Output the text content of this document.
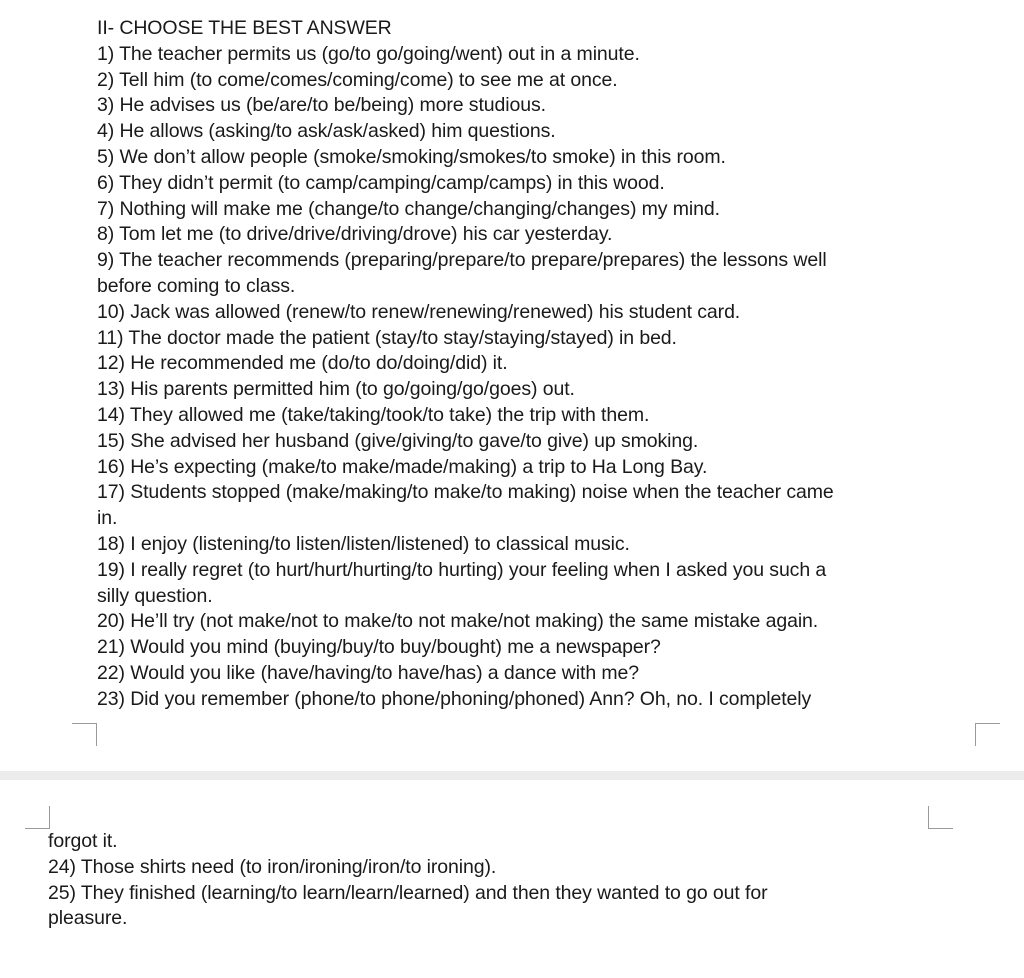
II- CHOOSE THE BEST ANSWER
1) The teacher permits us (go/to go/going/went) out in a minute.
2) Tell him (to come/comes/coming/come) to see me at once.
3) He advises us (be/are/to be/being) more studious.
4) He allows (asking/to ask/ask/asked) him questions.
5) We don’t allow people (smoke/smoking/smokes/to smoke) in this room.
6) They didn’t permit (to camp/camping/camp/camps) in this wood.
7) Nothing will make me (change/to change/changing/changes) my mind.
8) Tom let me (to drive/drive/driving/drove) his car yesterday.
9) The teacher recommends (preparing/prepare/to prepare/prepares) the lessons well
before coming to class.
10) Jack was allowed (renew/to renew/renewing/renewed) his student card.
11) The doctor made the patient (stay/to stay/staying/stayed) in bed.
12) He recommended me (do/to do/doing/did) it.
13) His parents permitted him (to go/going/go/goes) out.
14) They allowed me (take/taking/took/to take) the trip with them.
15) She advised her husband (give/giving/to gave/to give) up smoking.
16) He’s expecting (make/to make/made/making) a trip to Ha Long Bay.
17) Students stopped (make/making/to make/to making) noise when the teacher came
in.
18) I enjoy (listening/to listen/listen/listened) to classical music.
19) I really regret (to hurt/hurt/hurting/to hurting) your feeling when I asked you such a
silly question.
20) He’ll try (not make/not to make/to not make/not making) the same mistake again.
21) Would you mind (buying/buy/to buy/bought) me a newspaper?
22) Would you like (have/having/to have/has) a dance with me?
23) Did you remember (phone/to phone/phoning/phoned) Ann? Oh, no. I completely
forgot it.
24) Those shirts need (to iron/ironing/iron/to ironing).
25) They finished (learning/to learn/learn/learned) and then they wanted to go out for
pleasure.
